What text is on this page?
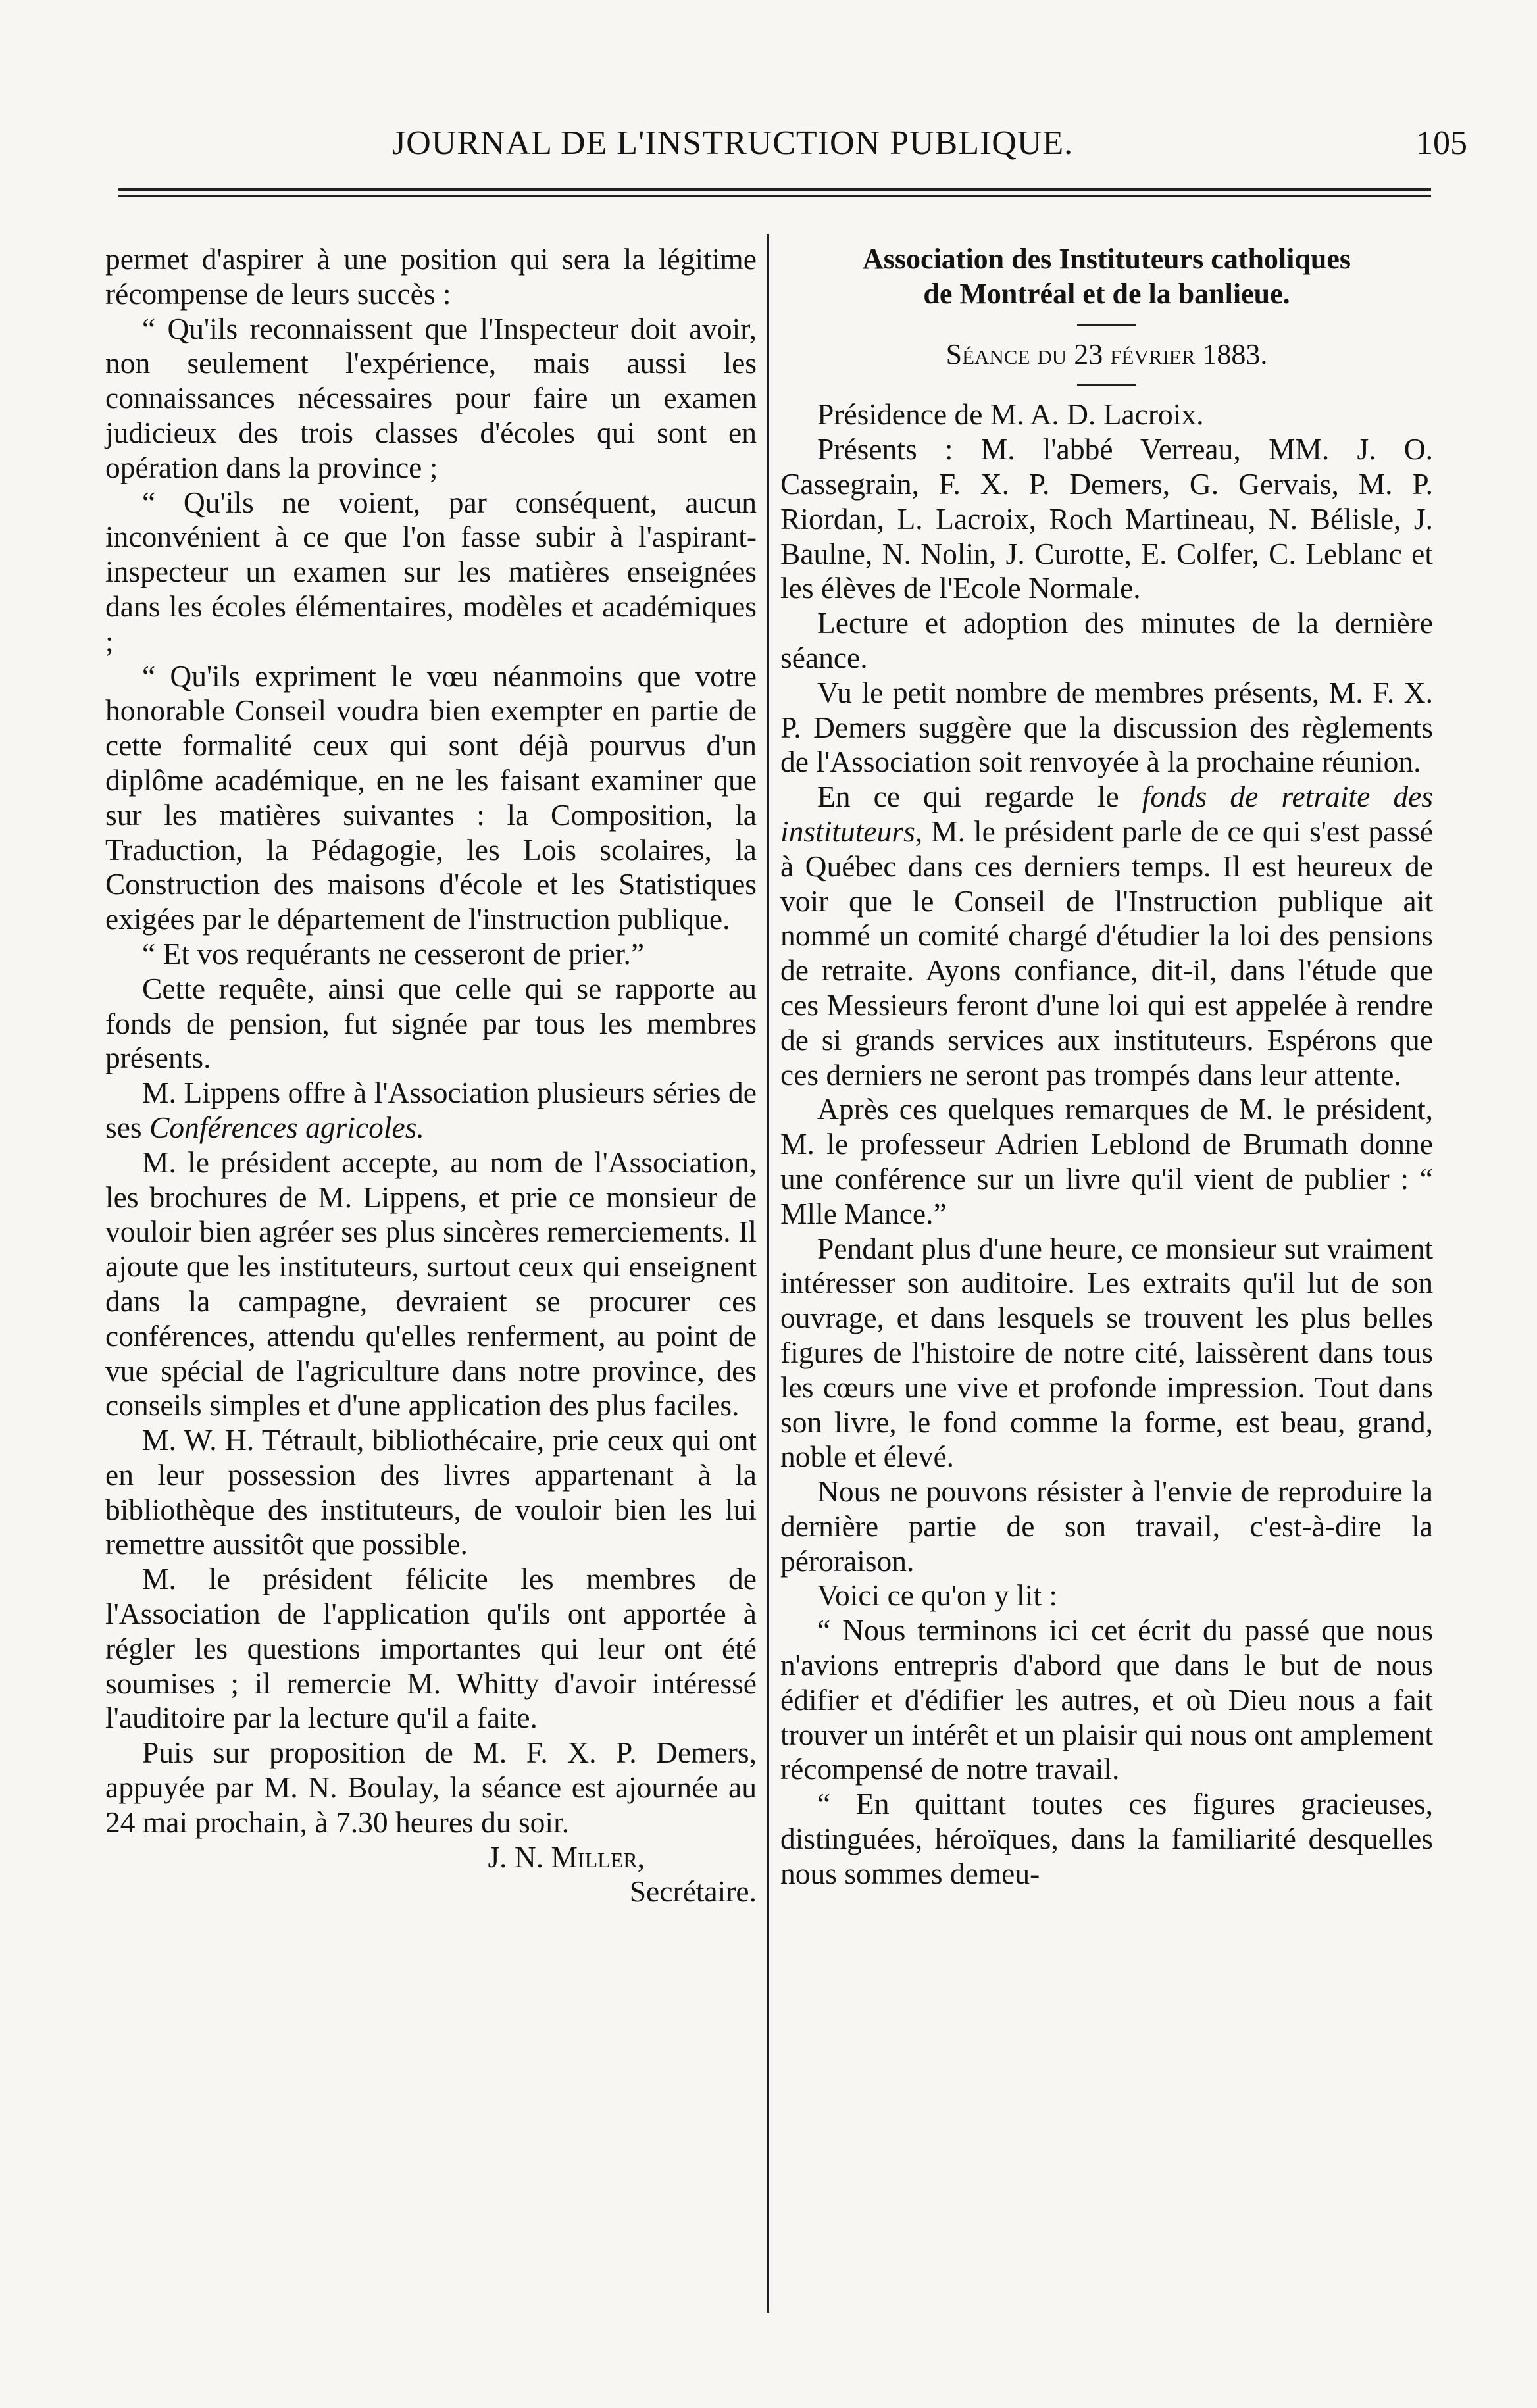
JOURNAL DE L'INSTRUCTION PUBLIQUE.	105

permet d'aspirer à une position qui sera la légitime récompense de leurs succès :

“ Qu'ils reconnaissent que l'Inspecteur doit avoir, non seulement l'expérience, mais aussi les connaissances nécessaires pour faire un examen judicieux des trois classes d'écoles qui sont en opération dans la province ;

“ Qu'ils ne voient, par conséquent, aucun inconvénient à ce que l'on fasse subir à l'aspirant-inspecteur un examen sur les matières enseignées dans les écoles élémentaires, modèles et académiques ;

“ Qu'ils expriment le vœu néanmoins que votre honorable Conseil voudra bien exempter en partie de cette formalité ceux qui sont déjà pourvus d'un diplôme académique, en ne les faisant examiner que sur les matières suivantes : la Composition, la Traduction, la Pédagogie, les Lois scolaires, la Construction des maisons d'école et les Statistiques exigées par le département de l'instruction publique.

“ Et vos requérants ne cesseront de prier.”

Cette requête, ainsi que celle qui se rapporte au fonds de pension, fut signée par tous les membres présents.

M. Lippens offre à l'Association plusieurs séries de ses Conférences agricoles.

M. le président accepte, au nom de l'Association, les brochures de M. Lippens, et prie ce monsieur de vouloir bien agréer ses plus sincères remerciements. Il ajoute que les instituteurs, surtout ceux qui enseignent dans la campagne, devraient se procurer ces conférences, attendu qu'elles renferment, au point de vue spécial de l'agriculture dans notre province, des conseils simples et d'une application des plus faciles.

M. W. H. Tétrault, bibliothécaire, prie ceux qui ont en leur possession des livres appartenant à la bibliothèque des instituteurs, de vouloir bien les lui remettre aussitôt que possible.

M. le président félicite les membres de l'Association de l'application qu'ils ont apportée à régler les questions importantes qui leur ont été soumises ; il remercie M. Whitty d'avoir intéressé l'auditoire par la lecture qu'il a faite.

Puis sur proposition de M. F. X. P. Demers, appuyée par M. N. Boulay, la séance est ajournée au 24 mai prochain, à 7.30 heures du soir.

J. N. Miller,

Secrétaire.

Association des Instituteurs catholiques

de Montréal et de la banlieue.

Séance du 23 février 1883.

Présidence de M. A. D. Lacroix.

Présents : M. l'abbé Verreau, MM. J. O. Cassegrain, F. X. P. Demers, G. Gervais, M. P. Riordan, L. Lacroix, Roch Martineau, N. Bélisle, J. Baulne, N. Nolin, J. Curotte, E. Colfer, C. Leblanc et les élèves de l'Ecole Normale.

Lecture et adoption des minutes de la dernière séance.

Vu le petit nombre de membres présents, M. F. X. P. Demers suggère que la discussion des règlements de l'Association soit renvoyée à la prochaine réunion.

En ce qui regarde le fonds de retraite des instituteurs, M. le président parle de ce qui s'est passé à Québec dans ces derniers temps. Il est heureux de voir que le Conseil de l'Instruction publique ait nommé un comité chargé d'étudier la loi des pensions de retraite. Ayons confiance, dit-il, dans l'étude que ces Messieurs feront d'une loi qui est appelée à rendre de si grands services aux instituteurs. Espérons que ces derniers ne seront pas trompés dans leur attente.

Après ces quelques remarques de M. le président, M. le professeur Adrien Leblond de Brumath donne une conférence sur un livre qu'il vient de publier : “ Mlle Mance.”

Pendant plus d'une heure, ce monsieur sut vraiment intéresser son auditoire. Les extraits qu'il lut de son ouvrage, et dans lesquels se trouvent les plus belles figures de l'histoire de notre cité, laissèrent dans tous les cœurs une vive et profonde impression. Tout dans son livre, le fond comme la forme, est beau, grand, noble et élevé.

Nous ne pouvons résister à l'envie de reproduire la dernière partie de son travail, c'est-à-dire la péroraison.

Voici ce qu'on y lit :

“ Nous terminons ici cet écrit du passé que nous n'avions entrepris d'abord que dans le but de nous édifier et d'édifier les autres, et où Dieu nous a fait trouver un intérêt et un plaisir qui nous ont amplement récompensé de notre travail.

“ En quittant toutes ces figures gracieuses, distinguées, héroïques, dans la familiarité desquelles nous sommes demeu-
